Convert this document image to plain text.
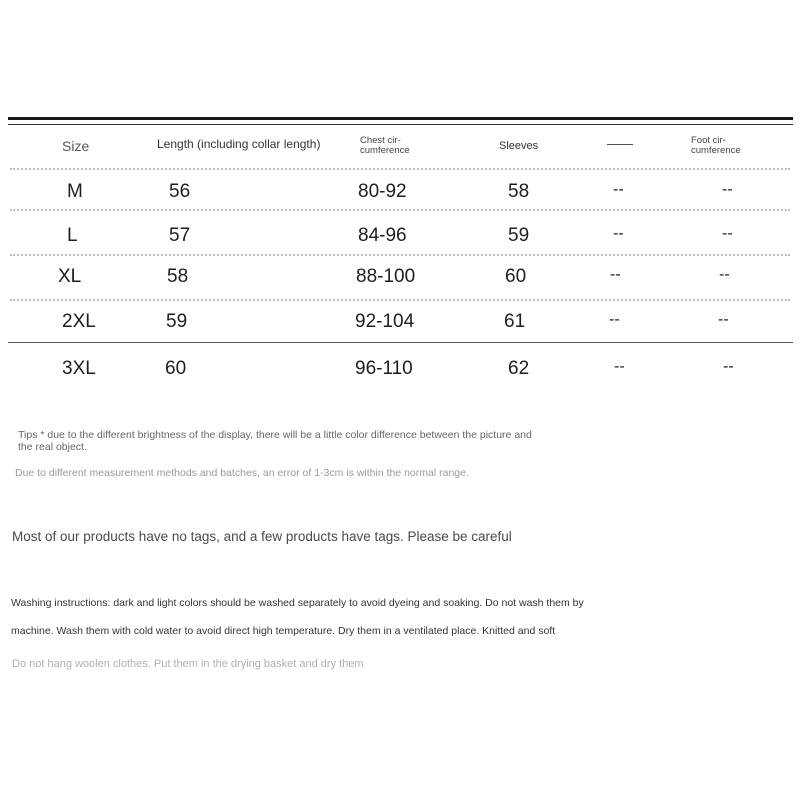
Size	Length (including collar length)	Chest cir-cumference	Sleeves	——	Foot cir-cumference
M	56	80-92	58	--	--
L	57	84-96	59	--	--
XL	58	88-100	60	--	--
2XL	59	92-104	61	--	--
3XL	60	96-110	62	--	--
Tips * due to the different brightness of the display, there will be a little color difference between the picture and the real object.
Due to different measurement methods and batches, an error of 1-3cm is within the normal range.
Most of our products have no tags, and a few products have tags. Please be careful
Washing instructions: dark and light colors should be washed separately to avoid dyeing and soaking. Do not wash them by
machine. Wash them with cold water to avoid direct high temperature. Dry them in a ventilated place. Knitted and soft
Do not hang woolen clothes. Put them in the drying basket and dry them
